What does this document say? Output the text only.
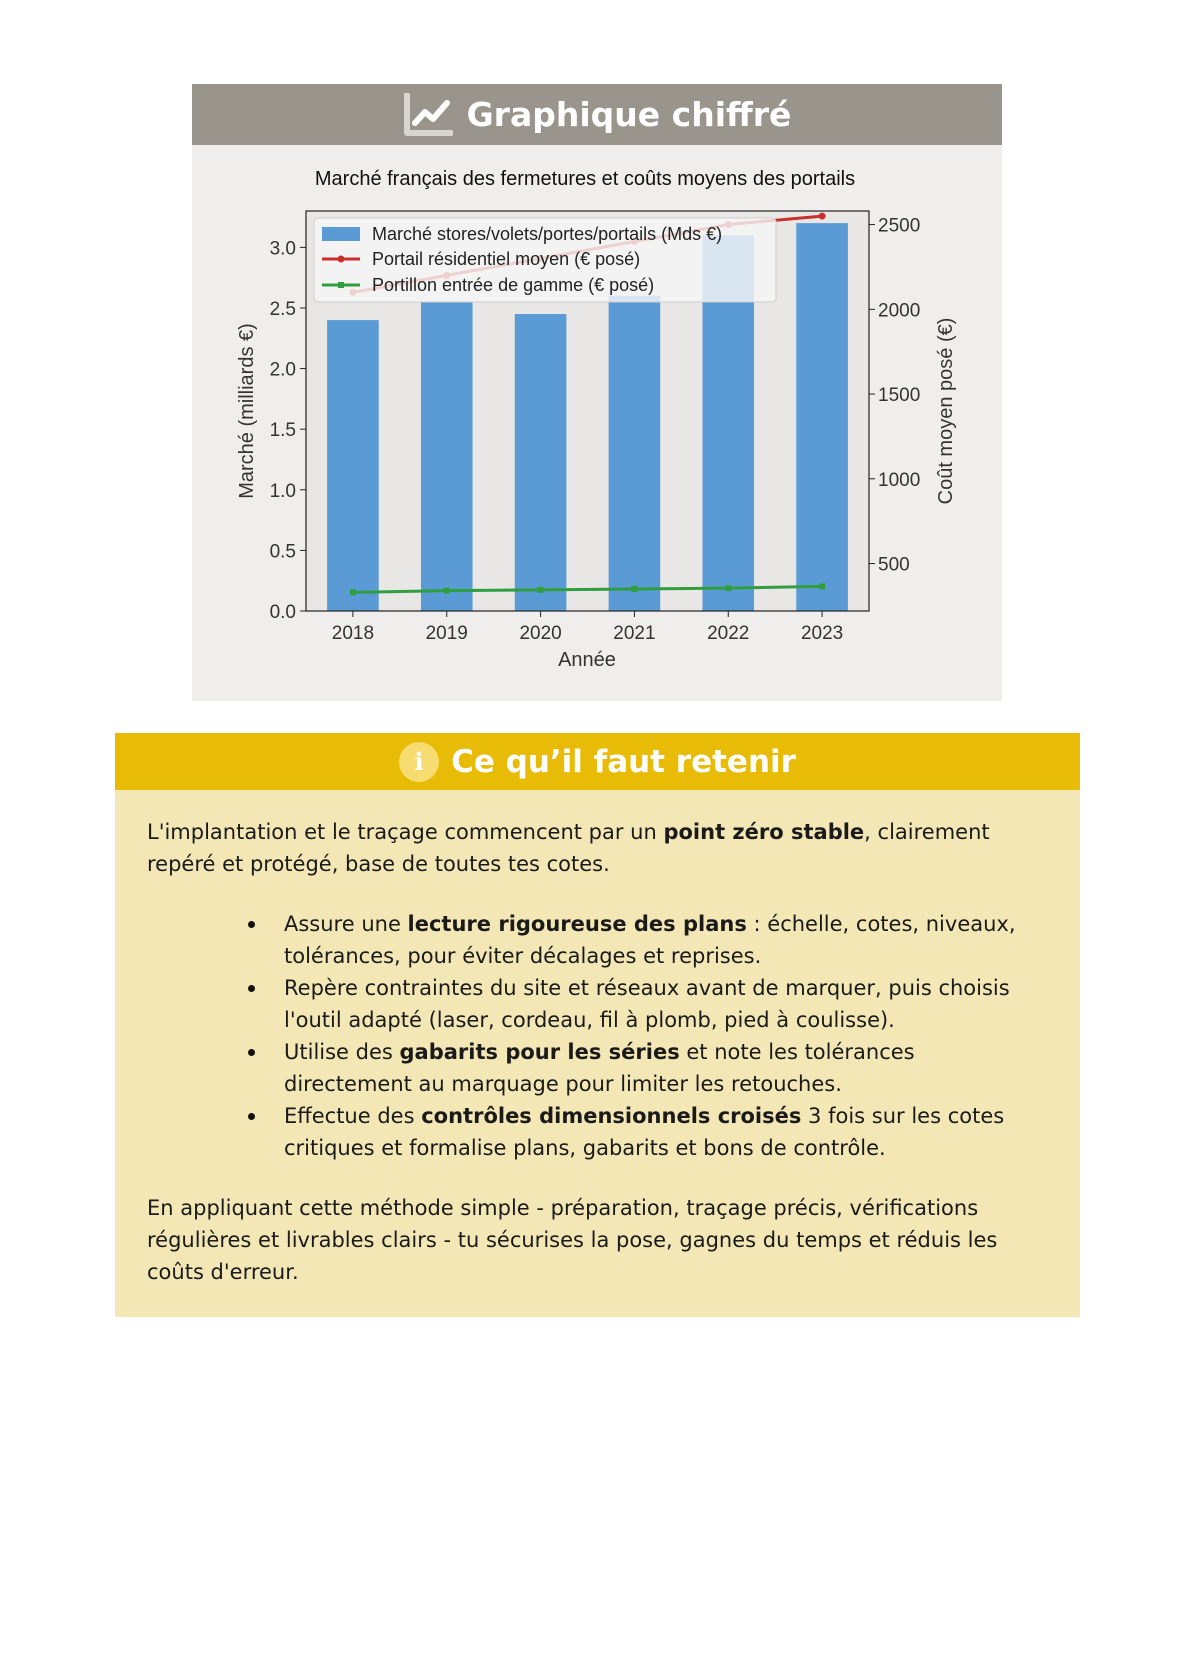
Graphique chiffré
Marché français des fermetures et coûts moyens des portails
0.0
0.5
1.0
1.5
2.0
2.5
3.0
500
1000
1500
2000
2500
2018	2019	2020	2021	2022	2023
Année
Marché (milliards €)	Coût moyen posé (€)
Marché stores/volets/portes/portails (Mds €)
Portail résidentiel moyen (€ posé)
Portillon entrée de gamme (€ posé)
i Ce qu’il faut retenir

L'implantation et le traçage commencent par un point zéro stable, clairement repéré et protégé, base de toutes tes cotes.

Assure une lecture rigoureuse des plans : échelle, cotes, niveaux, tolérances, pour éviter décalages et reprises.
Repère contraintes du site et réseaux avant de marquer, puis choisis l'outil adapté (laser, cordeau, fil à plomb, pied à coulisse).
Utilise des gabarits pour les séries et note les tolérances directement au marquage pour limiter les retouches.
Effectue des contrôles dimensionnels croisés 3 fois sur les cotes critiques et formalise plans, gabarits et bons de contrôle.

En appliquant cette méthode simple - préparation, traçage précis, vérifications régulières et livrables clairs - tu sécurises la pose, gagnes du temps et réduis les coûts d'erreur.
